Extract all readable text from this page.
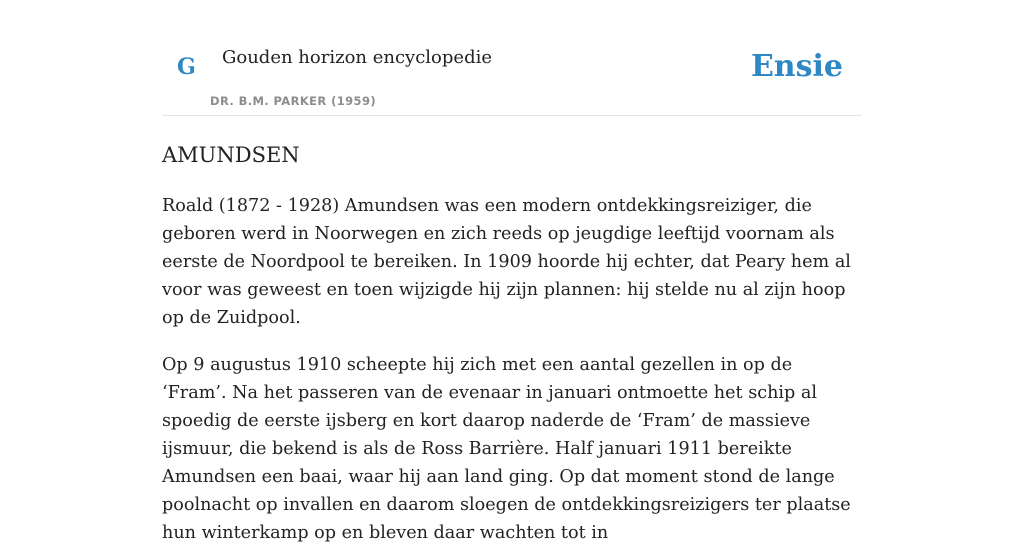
G Gouden horizon encyclopedie
DR. B.M. PARKER (1959)
Ensie
AMUNDSEN

Roald (1872 - 1928) Amundsen was een modern ontdekkingsreiziger, die geboren werd in Noorwegen en zich reeds op jeugdige leeftijd voornam als eerste de Noordpool te bereiken. In 1909 hoorde hij echter, dat Peary hem al voor was geweest en toen wijzigde hij zijn plannen: hij stelde nu al zijn hoop op de Zuidpool.

Op 9 augustus 1910 scheepte hij zich met een aantal gezellen in op de ‘Fram’. Na het passeren van de evenaar in januari ontmoette het schip al spoedig de eerste ijsberg en kort daarop naderde de ‘Fram’ de massieve ijsmuur, die bekend is als de Ross Barrière. Half januari 1911 bereikte Amundsen een baai, waar hij aan land ging. Op dat moment stond de lange poolnacht op invallen en daarom sloegen de ontdekkingsreizigers ter plaatse hun winterkamp op en bleven daar wachten tot in
